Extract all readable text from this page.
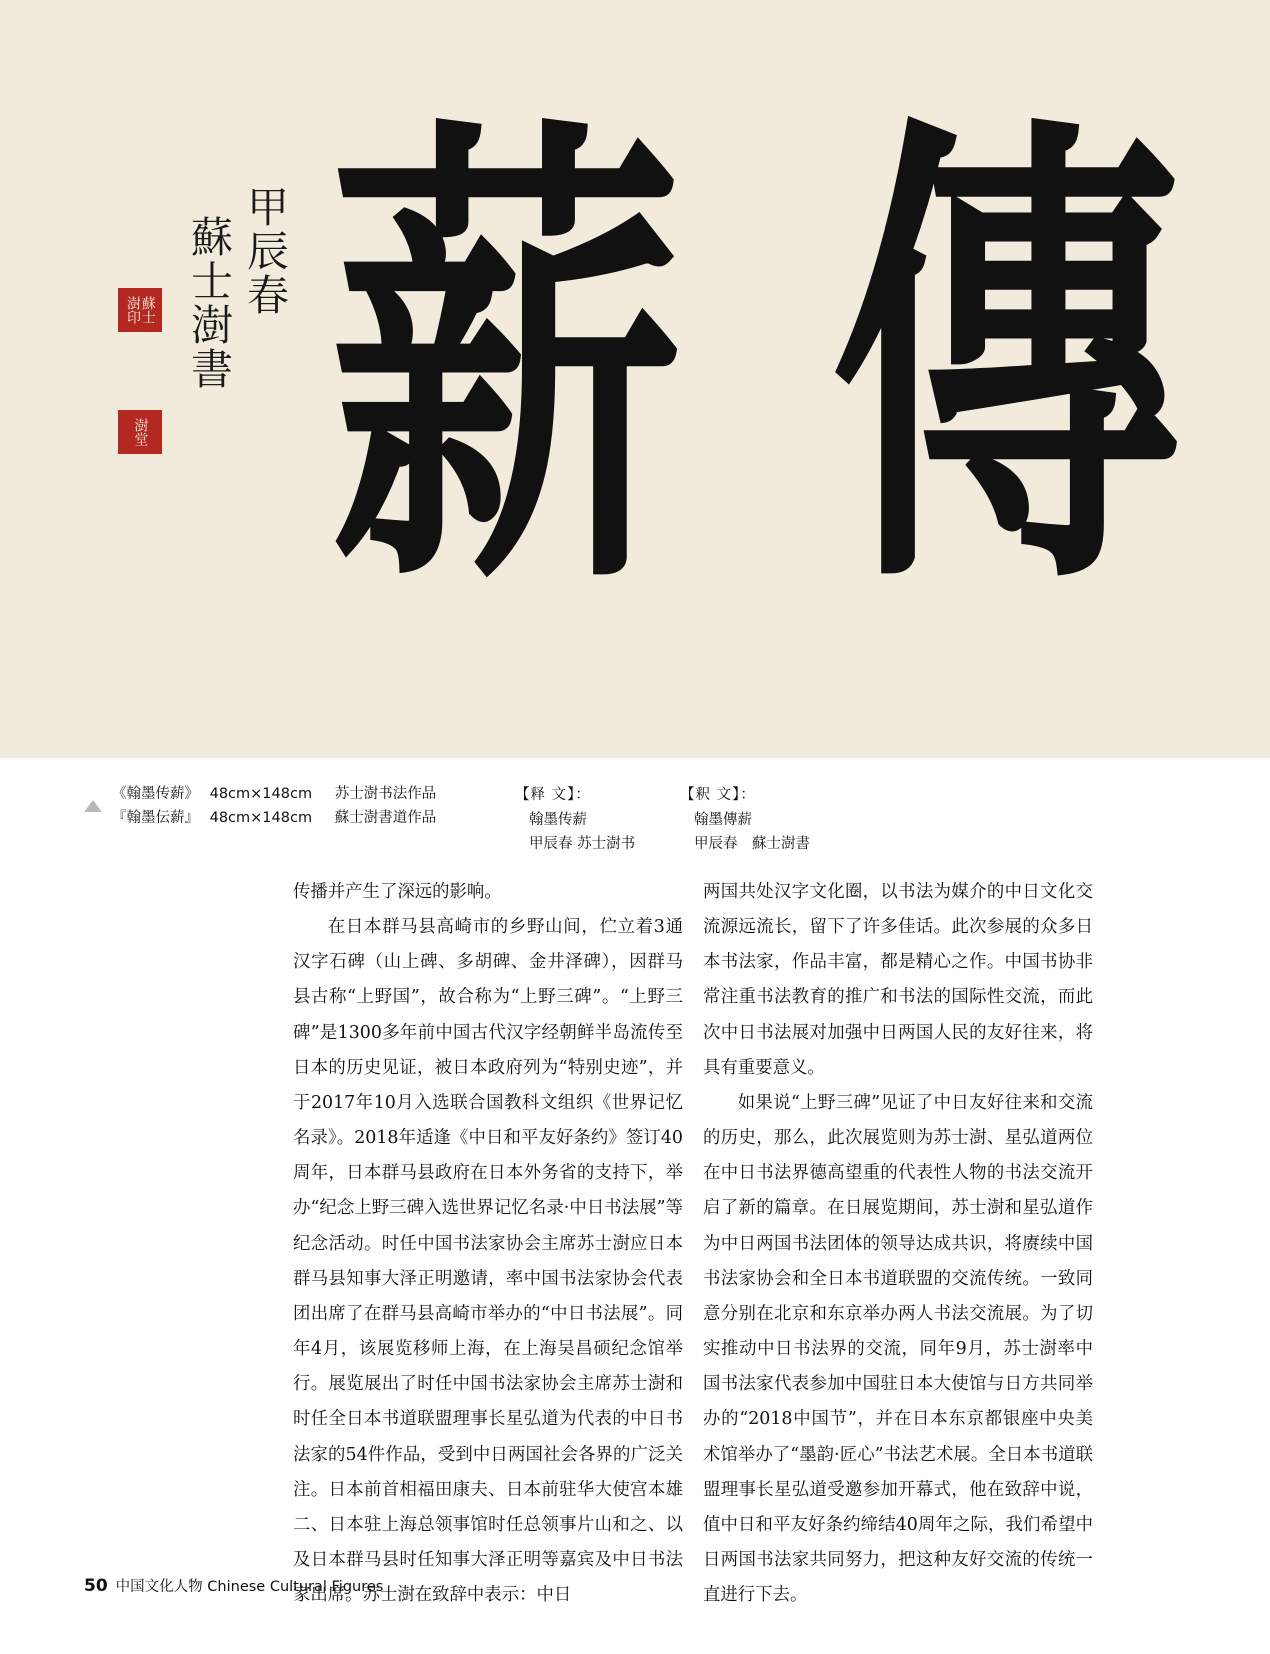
甲辰春
蘇士澍書
蘇士澍印
澍堂 薪 傳
《翰墨传薪》 48cm×148cm 苏士澍书法作品
『翰墨伝薪』 48cm×148cm 蘇士澍書道作品
【释 文】：
翰墨传薪
甲辰春 苏士澍书
【釈 文】：
翰墨傳薪
甲辰春　蘇士澍書

传播并产生了深远的影响。

在日本群马县高崎市的乡野山间，伫立着3通汉字石碑（山上碑、多胡碑、金井泽碑），因群马县古称“上野国”，故合称为“上野三碑”。“上野三碑”是1300多年前中国古代汉字经朝鲜半岛流传至日本的历史见证，被日本政府列为“特别史迹”，并于2017年10月入选联合国教科文组织《世界记忆名录》。2018年适逢《中日和平友好条约》签订40周年，日本群马县政府在日本外务省的支持下，举办“纪念上野三碑入选世界记忆名录·中日书法展”等纪念活动。时任中国书法家协会主席苏士澍应日本群马县知事大泽正明邀请，率中国书法家协会代表团出席了在群马县高崎市举办的“中日书法展”。同年4月，该展览移师上海，在上海吴昌硕纪念馆举行。展览展出了时任中国书法家协会主席苏士澍和时任全日本书道联盟理事长星弘道为代表的中日书法家的54件作品，受到中日两国社会各界的广泛关注。日本前首相福田康夫、日本前驻华大使宫本雄二、日本驻上海总领事馆时任总领事片山和之、以及日本群马县时任知事大泽正明等嘉宾及中日书法家出席。苏士澍在致辞中表示：中日

两国共处汉字文化圈，以书法为媒介的中日文化交流源远流长，留下了许多佳话。此次参展的众多日本书法家，作品丰富，都是精心之作。中国书协非常注重书法教育的推广和书法的国际性交流，而此次中日书法展对加强中日两国人民的友好往来，将具有重要意义。

如果说“上野三碑”见证了中日友好往来和交流的历史，那么，此次展览则为苏士澍、星弘道两位在中日书法界德高望重的代表性人物的书法交流开启了新的篇章。在日展览期间，苏士澍和星弘道作为中日两国书法团体的领导达成共识，将赓续中国书法家协会和全日本书道联盟的交流传统。一致同意分别在北京和东京举办两人书法交流展。为了切实推动中日书法界的交流，同年9月，苏士澍率中国书法家代表参加中国驻日本大使馆与日方共同举办的“2018中国节”，并在日本东京都银座中央美术馆举办了“墨韵·匠心”书法艺术展。全日本书道联盟理事长星弘道受邀参加开幕式，他在致辞中说，值中日和平友好条约缔结40周年之际，我们希望中日两国书法家共同努力，把这种友好交流的传统一直进行下去。

50 中国文化人物 Chinese Cultural Figures
